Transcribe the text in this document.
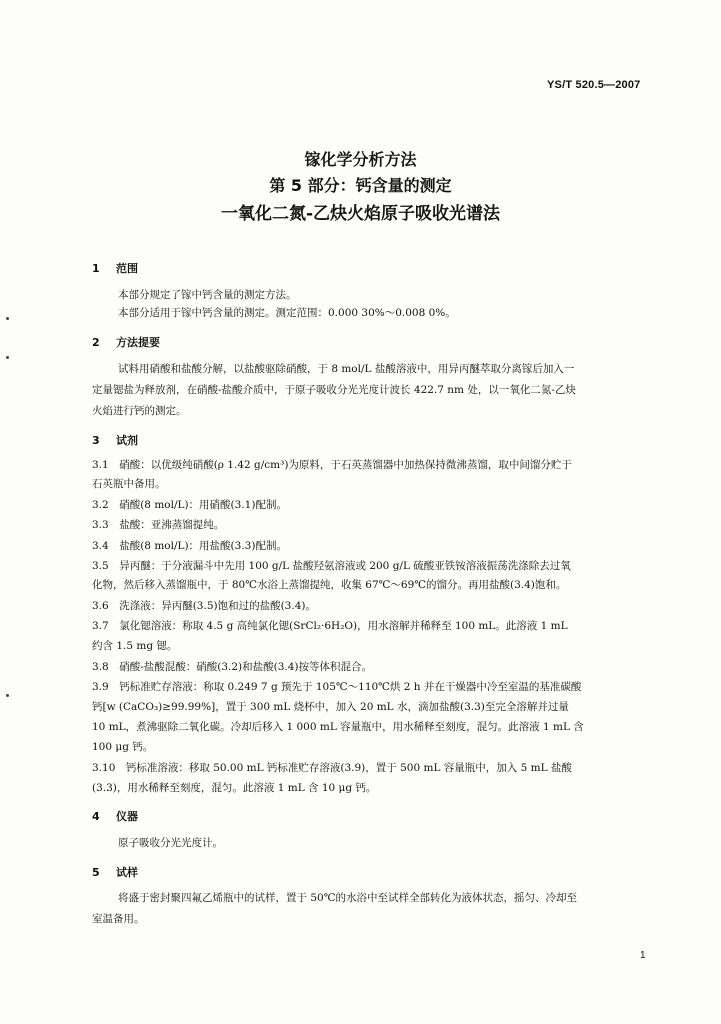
YS/T 520.5—2007
镓化学分析方法
第 5 部分：钙含量的测定
一氧化二氮-乙炔火焰原子吸收光谱法
1 范围
本部分规定了镓中钙含量的测定方法。
本部分适用于镓中钙含量的测定。测定范围：0.000 30%～0.008 0%。
2 方法提要
试料用硝酸和盐酸分解，以盐酸驱除硝酸，于 8 mol/L 盐酸溶液中，用异丙醚萃取分离镓后加入一
定量锶盐为释放剂，在硝酸-盐酸介质中，于原子吸收分光光度计波长 422.7 nm 处，以一氧化二氮-乙炔
火焰进行钙的测定。
3 试剂
3.1　硝酸：以优级纯硝酸(ρ 1.42 g/cm³)为原料，于石英蒸馏器中加热保持微沸蒸馏，取中间馏分贮于
石英瓶中备用。
3.2　硝酸(8 mol/L)：用硝酸(3.1)配制。
3.3　盐酸：亚沸蒸馏提纯。
3.4　盐酸(8 mol/L)：用盐酸(3.3)配制。
3.5　异丙醚：于分液漏斗中先用 100 g/L 盐酸羟氨溶液或 200 g/L 硫酸亚铁铵溶液振荡洗涤除去过氧
化物，然后移入蒸馏瓶中，于 80℃水浴上蒸馏提纯，收集 67℃～69℃的馏分。再用盐酸(3.4)饱和。
3.6　洗涤液：异丙醚(3.5)饱和过的盐酸(3.4)。
3.7　氯化锶溶液：称取 4.5 g 高纯氯化锶(SrCl₂·6H₂O)，用水溶解并稀释至 100 mL。此溶液 1 mL
约含 1.5 mg 锶。
3.8　硝酸-盐酸混酸：硝酸(3.2)和盐酸(3.4)按等体积混合。
3.9　钙标准贮存溶液：称取 0.249 7 g 预先于 105℃～110℃烘 2 h 并在干燥器中冷至室温的基准碳酸
钙[w (CaCO₃)≥99.99%]，置于 300 mL 烧杯中，加入 20 mL 水，滴加盐酸(3.3)至完全溶解并过量
10 mL，煮沸驱除二氧化碳。冷却后移入 1 000 mL 容量瓶中，用水稀释至刻度，混匀。此溶液 1 mL 含
100 μg 钙。
3.10　钙标准溶液：移取 50.00 mL 钙标准贮存溶液(3.9)，置于 500 mL 容量瓶中，加入 5 mL 盐酸
(3.3)，用水稀释至刻度，混匀。此溶液 1 mL 含 10 μg 钙。
4 仪器
原子吸收分光光度计。
5 试样
将盛于密封聚四氟乙烯瓶中的试样，置于 50℃的水浴中至试样全部转化为液体状态，摇匀、冷却至
室温备用。
1
